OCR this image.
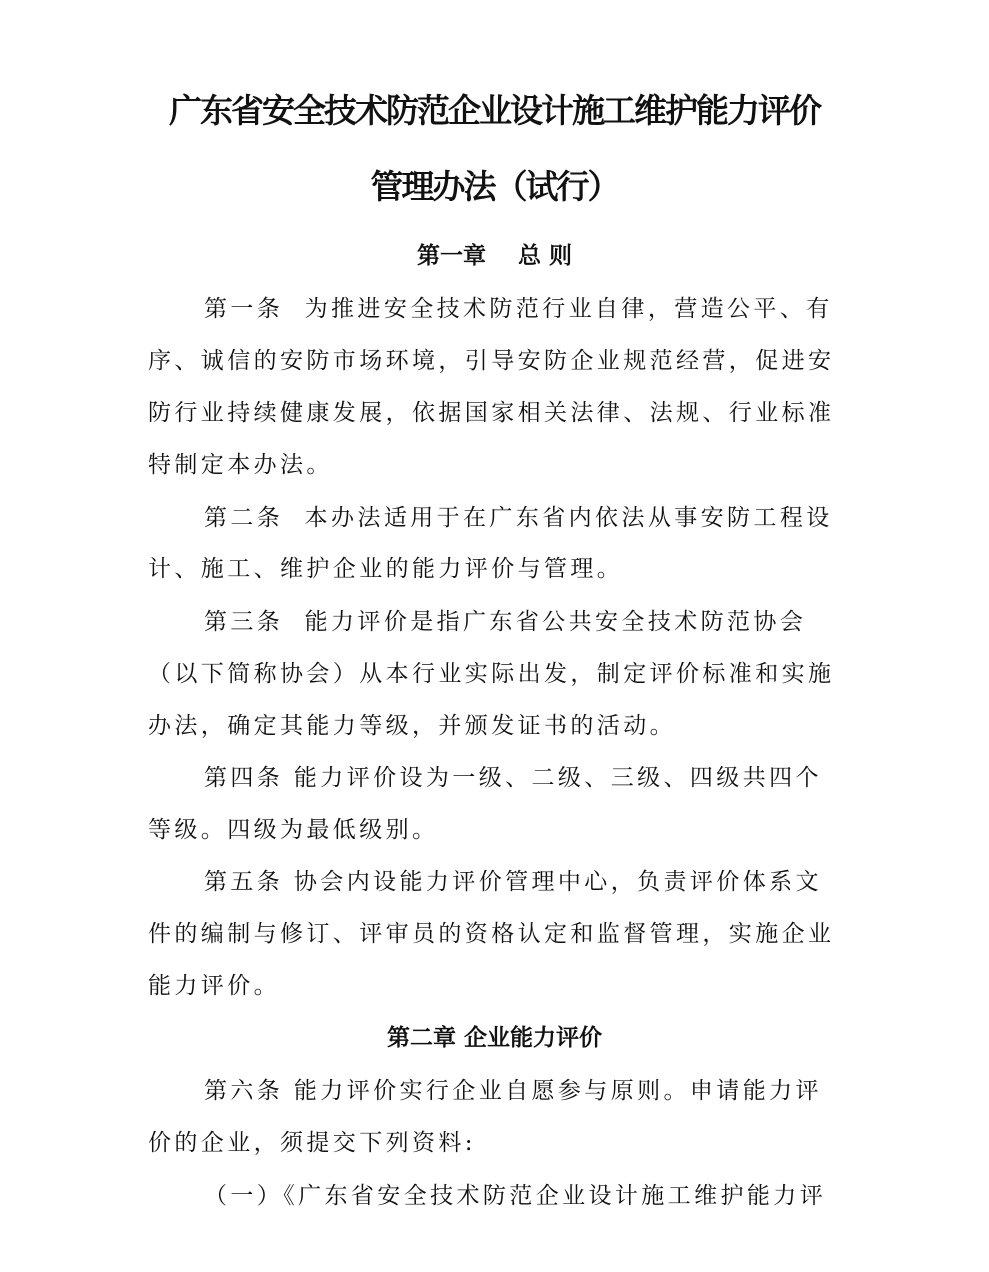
广东省安全技术防范企业设计施工维护能力评价
管理办法（试行）
第一章    总 则
第一条  为推进安全技术防范行业自律，营造公平、有
序、诚信的安防市场环境，引导安防企业规范经营，促进安
防行业持续健康发展，依据国家相关法律、法规、行业标准
特制定本办法。
第二条  本办法适用于在广东省内依法从事安防工程设
计、施工、维护企业的能力评价与管理。
第三条  能力评价是指广东省公共安全技术防范协会
（以下简称协会）从本行业实际出发，制定评价标准和实施
办法，确定其能力等级，并颁发证书的活动。
第四条 能力评价设为一级、二级、三级、四级共四个
等级。四级为最低级别。
第五条 协会内设能力评价管理中心，负责评价体系文
件的编制与修订、评审员的资格认定和监督管理，实施企业
能力评价。
第二章 企业能力评价
第六条 能力评价实行企业自愿参与原则。申请能力评
价的企业，须提交下列资料:
（一）《广东省安全技术防范企业设计施工维护能力评
